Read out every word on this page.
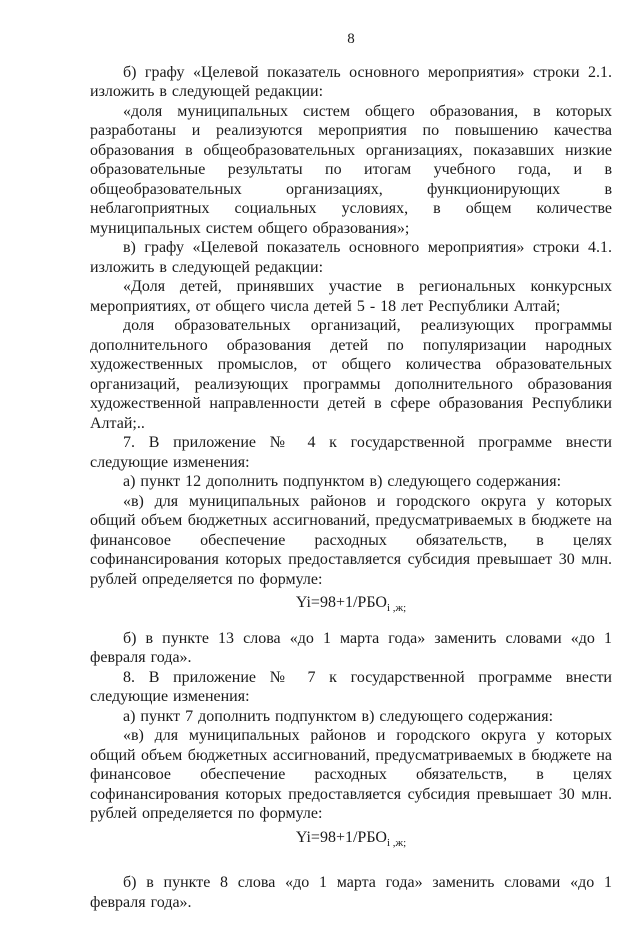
8

б) графу «Целевой показатель основного мероприятия» строки 2.1. изложить в следующей редакции:

«доля муниципальных систем общего образования, в которых разработаны и реализуются мероприятия по повышению качества образования в общеобразовательных организациях, показавших низкие образовательные результаты по итогам учебного года, и в общеобразовательных организациях, функционирующих в неблагоприятных социальных условиях, в общем количестве муниципальных систем общего образования»;

в) графу «Целевой показатель основного мероприятия» строки 4.1. изложить в следующей редакции:

«Доля детей, принявших участие в региональных конкурсных мероприятиях, от общего числа детей 5 - 18 лет Республики Алтай;

доля образовательных организаций, реализующих программы дополнительного образования детей по популяризации народных художественных промыслов, от общего количества образовательных организаций, реализующих программы дополнительного образования художественной направленности детей в сфере образования Республики Алтай;..

7. В приложение № 4 к государственной программе внести следующие изменения:

а) пункт 12 дополнить подпунктом в) следующего содержания:

«в) для муниципальных районов и городского округа у которых общий объем бюджетных ассигнований, предусматриваемых в бюджете на финансовое обеспечение расходных обязательств, в целях софинансирования которых предоставляется субсидия превышает 30 млн. рублей определяется по формуле:

$Yi=98+1/РБО_{i ,ж;}$

б) в пункте 13 слова «до 1 марта года» заменить словами «до 1 февраля года».

8. В приложение № 7 к государственной программе внести следующие изменения:

а) пункт 7 дополнить подпунктом в) следующего содержания:

«в) для муниципальных районов и городского округа у которых общий объем бюджетных ассигнований, предусматриваемых в бюджете на финансовое обеспечение расходных обязательств, в целях софинансирования которых предоставляется субсидия превышает 30 млн. рублей определяется по формуле:

$Yi=98+1/РБО_{i ,ж;}$

б) в пункте 8 слова «до 1 марта года» заменить словами «до 1 февраля года».
